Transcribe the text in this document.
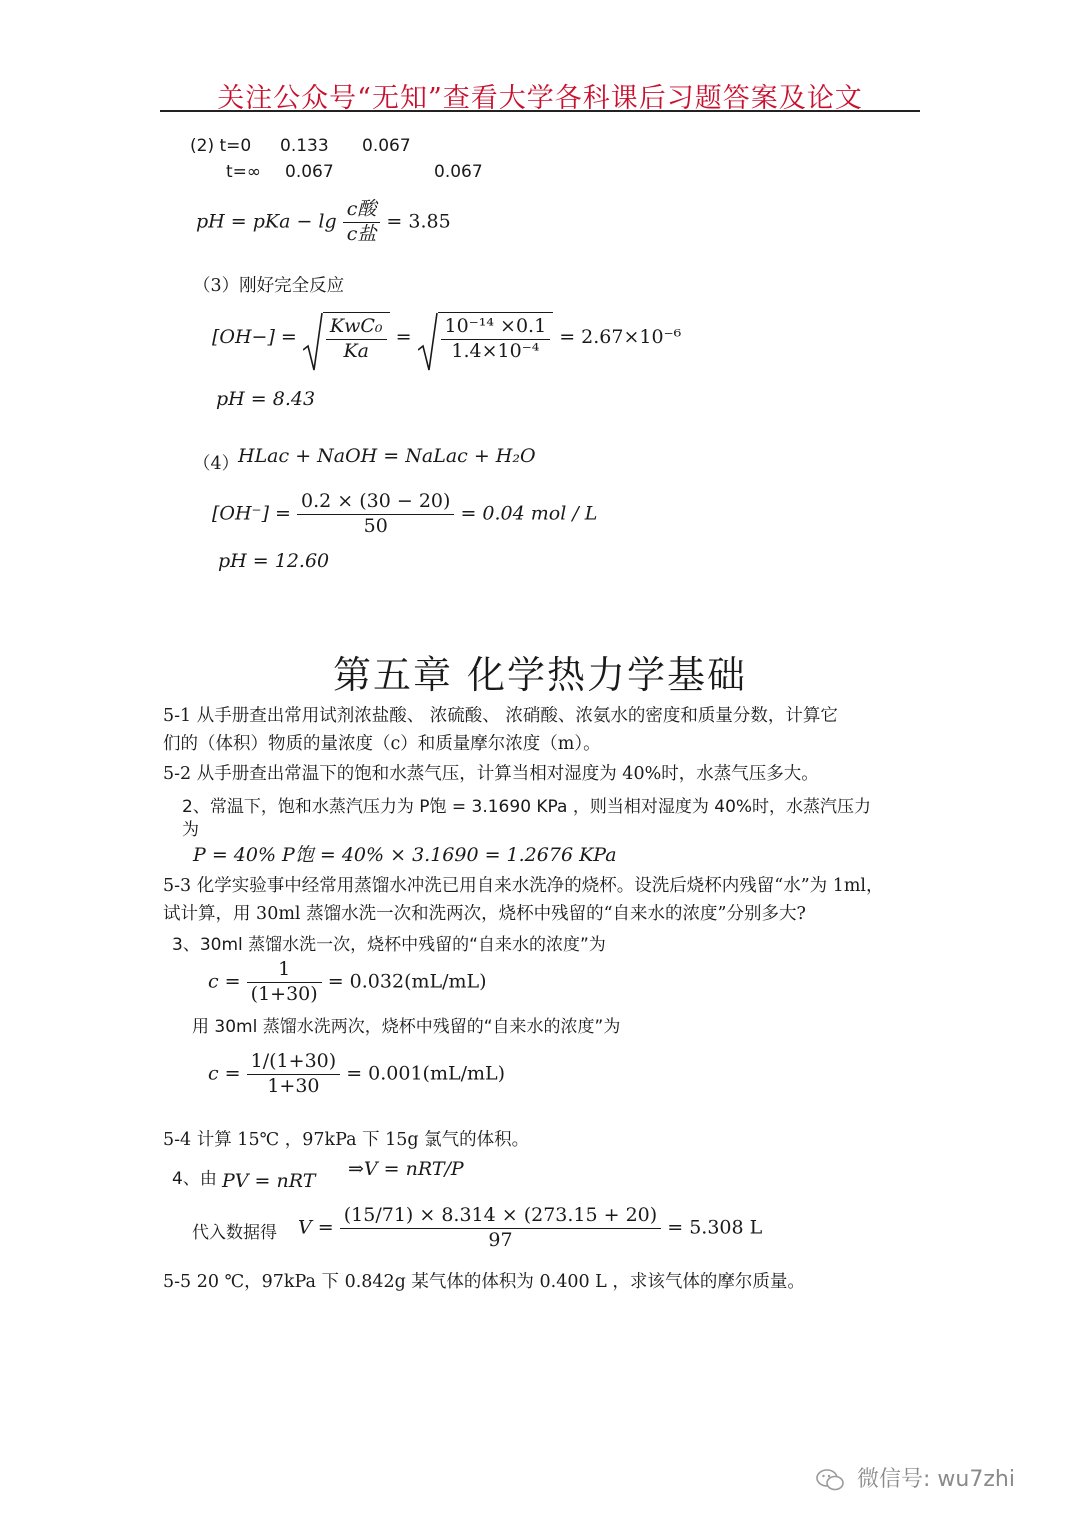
关注公众号“无知”查看大学各科课后习题答案及论文
(2) t=0 0.133 0.067
t=∞ 0.067	0.067
pH = pKa − $\lg \frac{\text{c酸}}{\text{c盐}} = 3.85$
（3）刚好完全反应
$[OH-] = \frac{\text{KwC₀}}{Ka} = \frac{\text{10⁻¹⁴ ×0.1}}{\text{1.4×10⁻⁴}} = 2.67\times 10^{-6}$
pH = 8.43
（4）
HLac + NaOH = NaLac + H₂O
$[OH^-] = \frac{0.2 \times (30 - 20)}{50} = 0.04$ mol / L
pH = 12.60
第五章 化学热力学基础
5-1 从手册查出常用试剂浓盐酸、 浓硫酸、 浓硝酸、浓氨水的密度和质量分数，计算它
们的（体积）物质的量浓度（c）和质量摩尔浓度（m）。
5-2 从手册查出常温下的饱和水蒸气压，计算当相对湿度为 40%时，水蒸气压多大。
2、常温下，饱和水蒸汽压力为 P饱 = 3.1690 KPa ，则当相对湿度为 40%时，水蒸汽压力
为
P = 40% P饱 = 40% × 3.1690 = 1.2676 KPa
5-3 化学实验事中经常用蒸馏水冲洗已用自来水洗净的烧杯。设洗后烧杯内残留“水”为 1ml，
试计算，用 30ml 蒸馏水洗一次和洗两次，烧杯中残留的“自来水的浓度”分别多大?
3、30ml 蒸馏水洗一次，烧杯中残留的“自来水的浓度”为
$c = \frac{1}{(1+30)} = 0.032(mL/mL)$
用 30ml 蒸馏水洗两次，烧杯中残留的“自来水的浓度”为
$c = \frac{1/(1+30)}{1+30} = 0.001(mL/mL)$
5-4 计算 15℃ ，97kPa 下 15g 氯气的体积。
4、由 PV = nRT
⇒V = nRT/P
代入数据得 $V = \frac{(15/71) \times 8.314 \times (273.15 + 20)}{97} = 5.308$ L
5-5 20 ℃，97kPa 下 0.842g 某气体的体积为 0.400 L ，求该气体的摩尔质量。
微信号: wu7zhi
